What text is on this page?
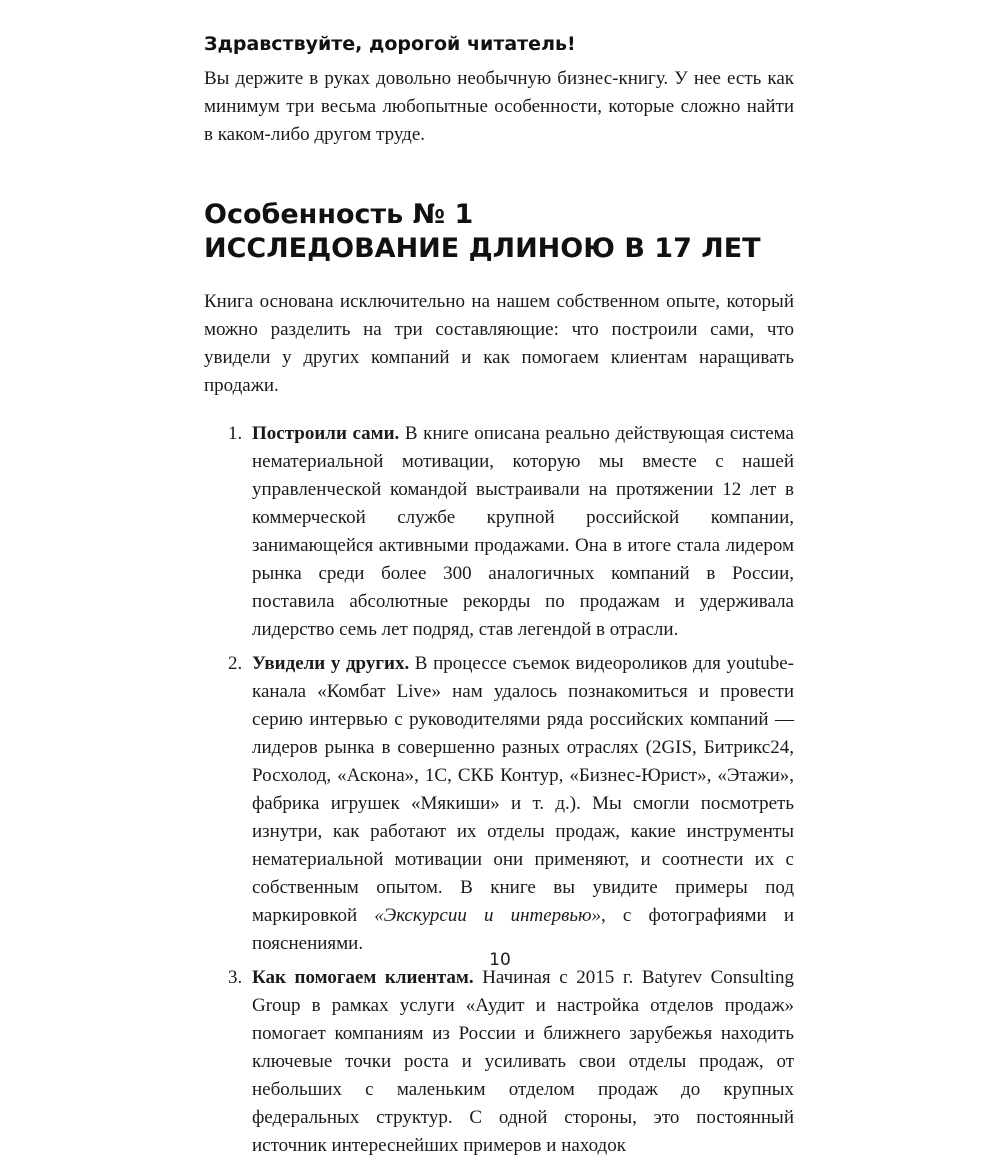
Здравствуйте, дорогой читатель!

Вы держите в руках довольно необычную бизнес-книгу. У нее есть как минимум три весьма любопытные особенности, которые сложно найти в каком-либо другом труде.

Особенность № 1
ИССЛЕДОВАНИЕ ДЛИНОЮ В 17 ЛЕТ

Книга основана исключительно на нашем собственном опыте, который можно разделить на три составляющие: что построили сами, что увидели у других компаний и как помогаем клиентам наращивать продажи.

1. Построили сами. В книге описана реально действующая система нематериальной мотивации, которую мы вместе с нашей управленческой командой выстраивали на протяжении 12 лет в коммерческой службе крупной российской компании, занимающейся активными продажами. Она в итоге стала лидером рынка среди более 300 аналогичных компаний в России, поставила абсолютные рекорды по продажам и удерживала лидерство семь лет подряд, став легендой в отрасли.
2. Увидели у других. В процессе съемок видеороликов для youtube-канала «Комбат Live» нам удалось познакомиться и провести серию интервью с руководителями ряда российских компаний — лидеров рынка в совершенно разных отраслях (2GIS, Битрикс24, Росхолод, «Аскона», 1С, СКБ Контур, «Бизнес-Юрист», «Этажи», фабрика игрушек «Мякиши» и т. д.). Мы смогли посмотреть изнутри, как работают их отделы продаж, какие инструменты нематериальной мотивации они применяют, и соотнести их с собственным опытом. В книге вы увидите примеры под маркировкой «Экскурсии и интервью», с фотографиями и пояснениями.
3. Как помогаем клиентам. Начиная с 2015 г. Batyrev Consulting Group в рамках услуги «Аудит и настройка отделов продаж» помогает компаниям из России и ближнего зарубежья находить ключевые точки роста и усиливать свои отделы продаж, от небольших с маленьким отделом продаж до крупных федеральных структур. С одной стороны, это постоянный источник интереснейших примеров и находок
10
